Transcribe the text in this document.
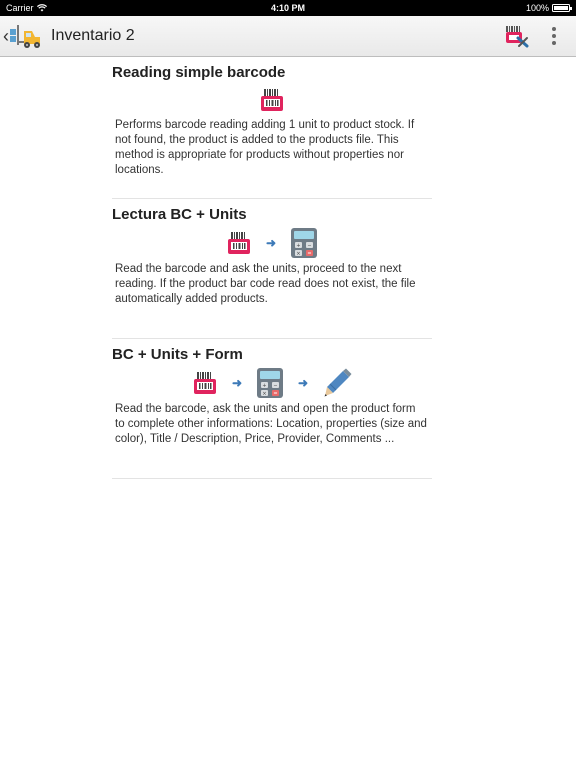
Carrier	4:10 PM	100%
‹	Inventario 2
Reading simple barcode
Performs barcode reading adding 1 unit to product stock. If not found, the product is added to the products file. This method is appropriate for products without properties nor locations.
Lectura BC + Units
➜	+ −
× =
Read the barcode and ask the units, proceed to the next reading. If the product bar code read does not exist, the file automatically added products.
BC + Units + Form
➜	+ −
× =
➜
Read the barcode, ask the units and open the product form to complete other informations: Location, properties (size and color), Title / Description, Price, Provider, Comments ...
